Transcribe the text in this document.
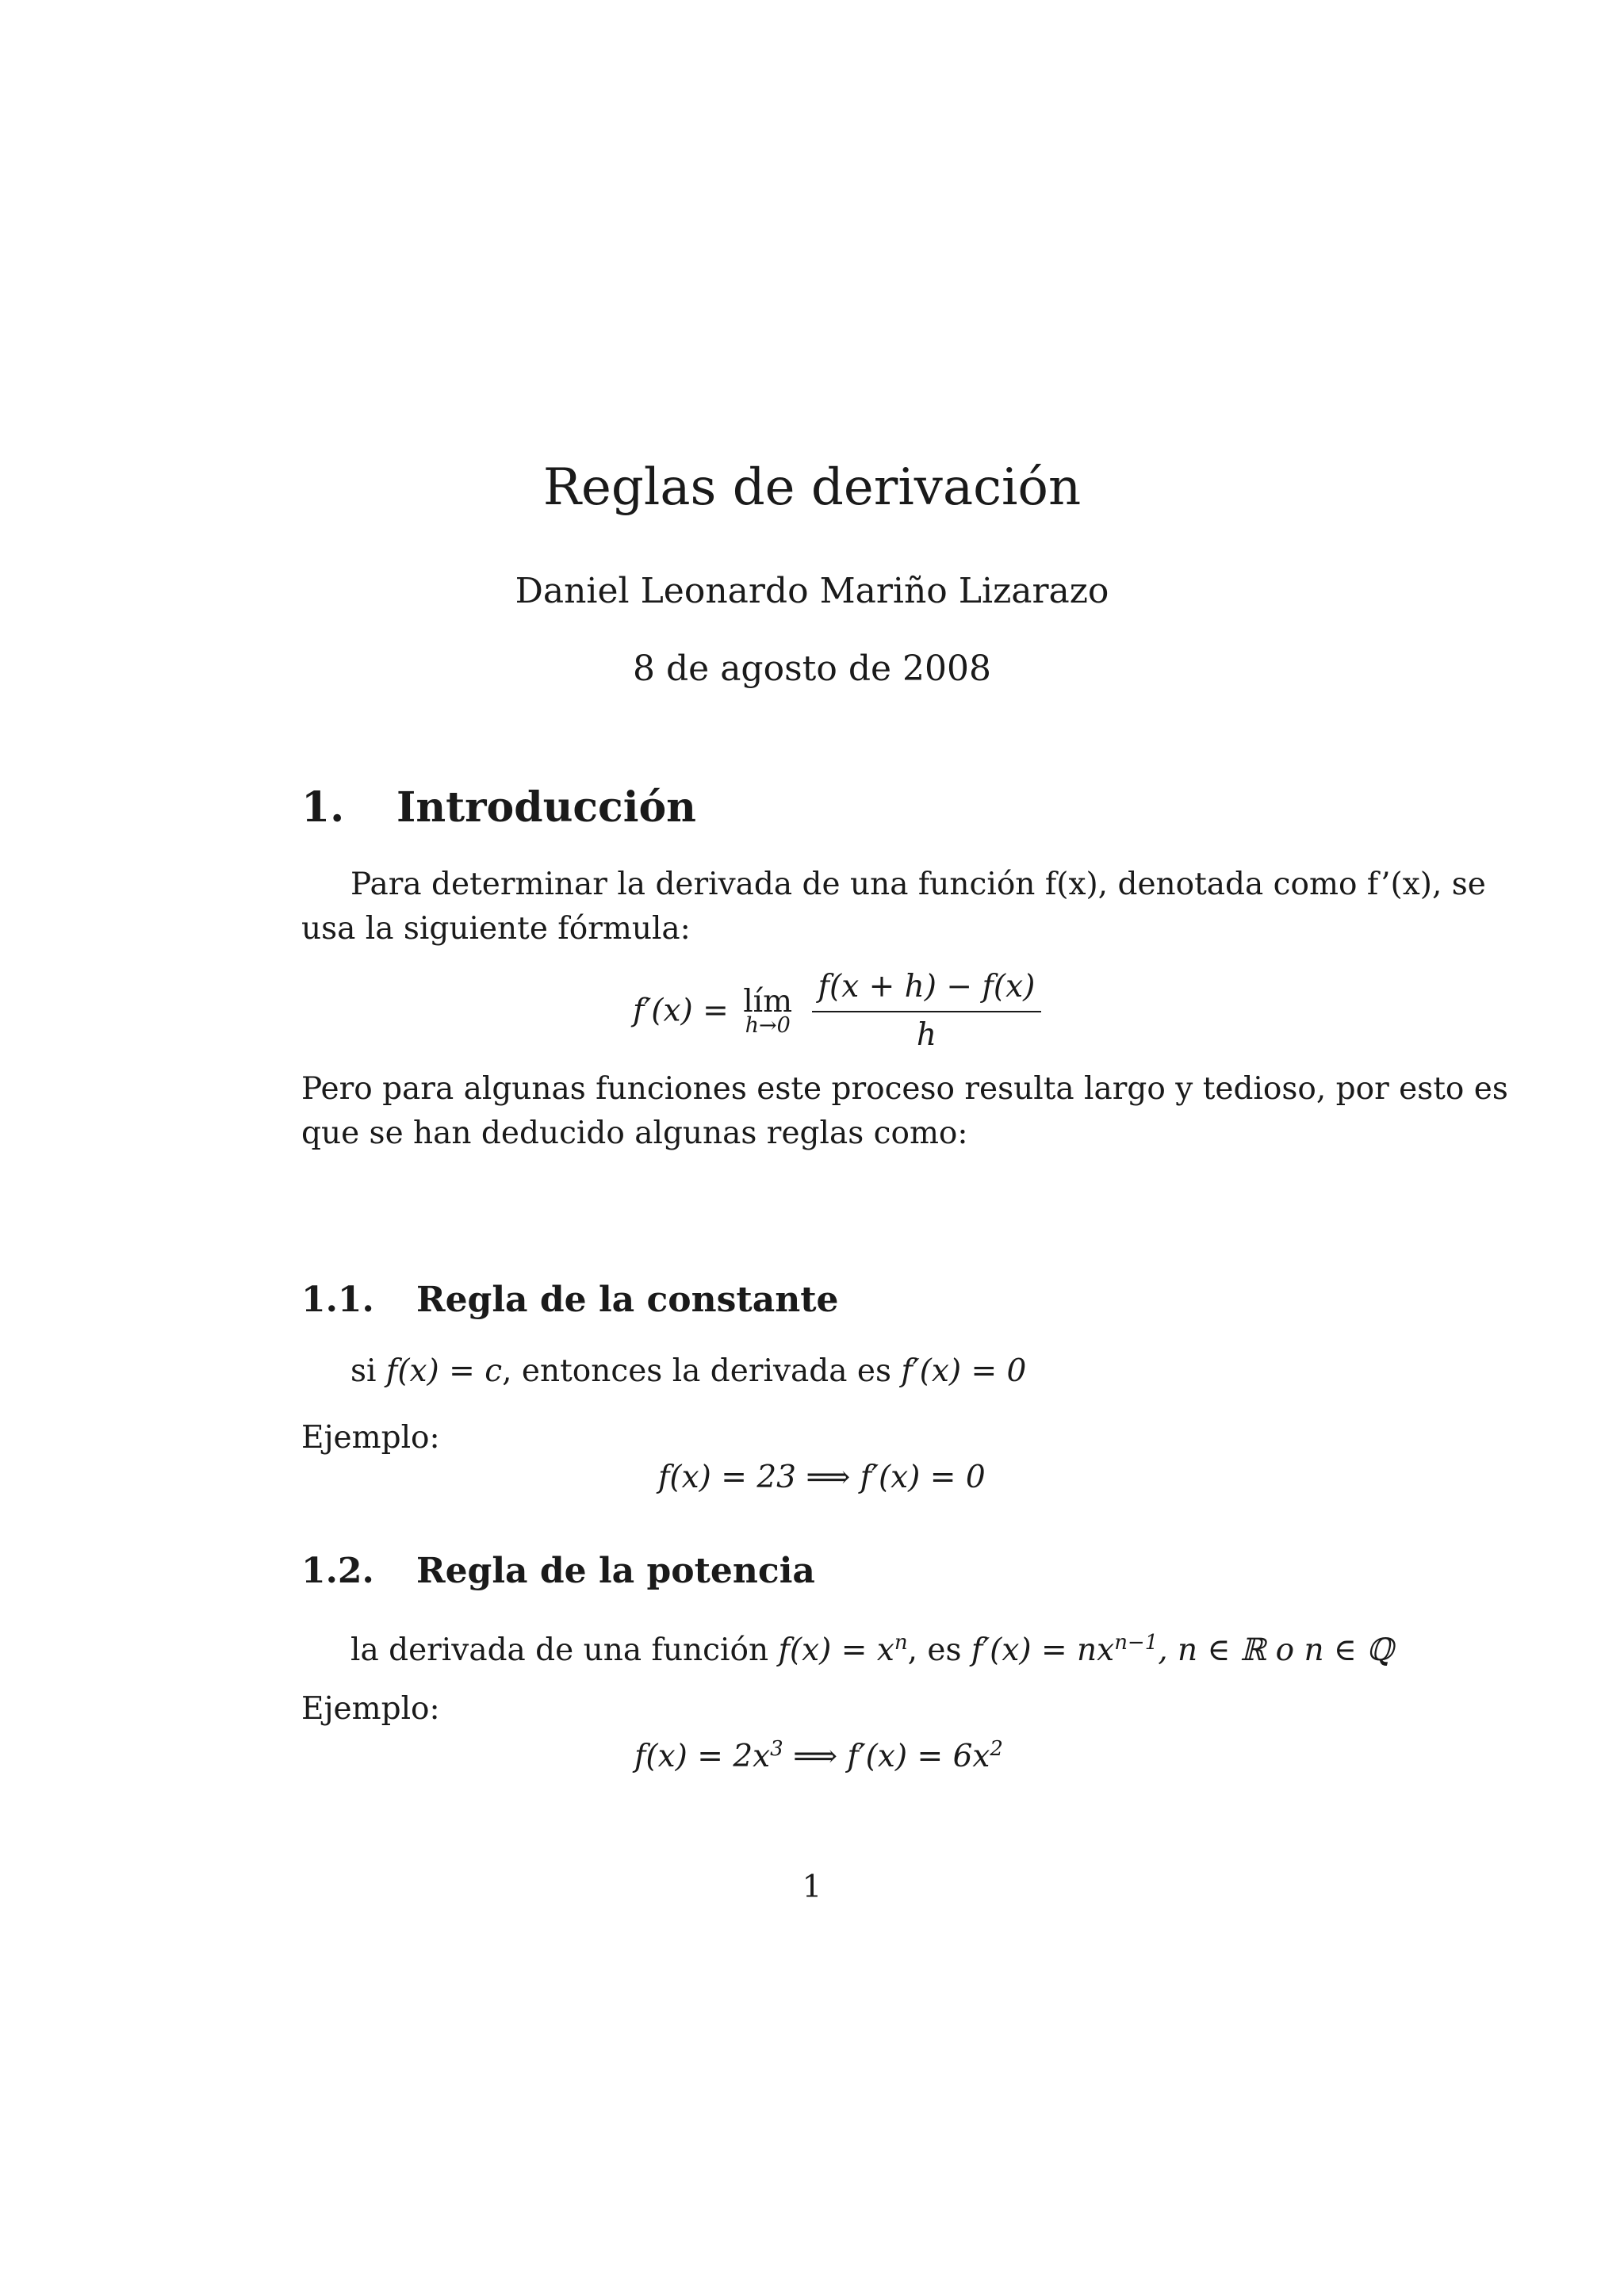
Reglas de derivación
Daniel Leonardo Mariño Lizarazo
8 de agosto de 2008
1. Introducción
Para determinar la derivada de una función f(x), denotada como f’(x), se
usa la siguiente fórmula:
f′(x) = lím
h→0
$\frac{f(x + h) - f(x)}{h}$
Pero para algunas funciones este proceso resulta largo y tedioso, por esto es
que se han deducido algunas reglas como:
1.1. Regla de la constante
si f(x) = c, entonces la derivada es f′(x) = 0
Ejemplo:
f(x) = 23 ⟹ f′(x) = 0
1.2. Regla de la potencia
la derivada de una función $f(x) = x^n$, es $f'(x) = nx^{n-1}$, n ∈ ℝ o n ∈ ℚ
Ejemplo:
$f(x) = 2x^3$ ⟹ $f'(x) = 6x^2$
1
